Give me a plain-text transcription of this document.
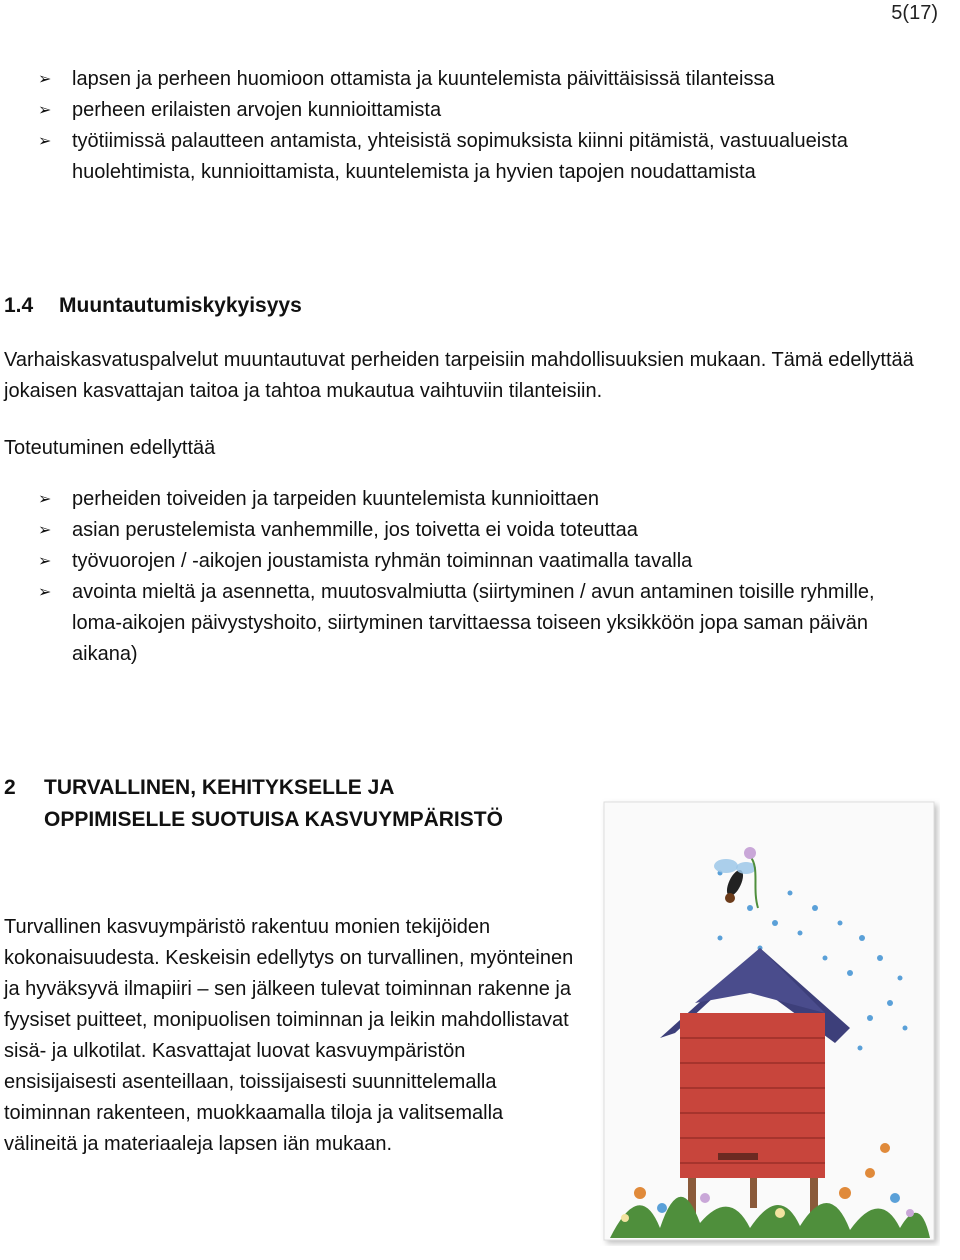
5(17)
➢ lapsen ja perheen huomioon ottamista ja kuuntelemista päivittäisissä tilanteissa
➢ perheen erilaisten arvojen kunnioittamista
➢ työtiimissä palautteen antamista, yhteisistä sopimuksista kiinni pitämistä, vastuualueista huolehtimista, kunnioittamista, kuuntelemista ja hyvien tapojen noudattamista
1.4 Muuntautumiskykyisyys

Varhaiskasvatuspalvelut muuntautuvat perheiden tarpeisiin mahdollisuuksien mukaan. Tämä edellyttää jokaisen kasvattajan taitoa ja tahtoa mukautua vaihtuviin tilanteisiin.

Toteutuminen edellyttää

➢ perheiden toiveiden ja tarpeiden kuuntelemista kunnioittaen
➢ asian perustelemista vanhemmille, jos toivetta ei voida toteuttaa
➢ työvuorojen / -aikojen joustamista ryhmän toiminnan vaatimalla tavalla
➢ avointa mieltä ja asennetta, muutosvalmiutta (siirtyminen / avun antaminen toisille ryhmille, loma-aikojen päivystyshoito, siirtyminen tarvittaessa toiseen yksikköön jopa saman päivän aikana)
2 TURVALLINEN, KEHITYKSELLE JA
OPPIMISELLE SUOTUISA KASVUYMPÄRISTÖ

Turvallinen kasvuympäristö rakentuu monien tekijöiden kokonaisuudesta. Keskeisin edellytys on turvallinen, myönteinen ja hyväksyvä ilmapiiri – sen jälkeen tulevat toiminnan rakenne ja fyysiset puitteet, monipuolisen toiminnan ja leikin mahdollistavat sisä- ja ulkotilat. Kasvattajat luovat kasvuympäristön ensisijaisesti asenteillaan, toissijaisesti suunnittelemalla toiminnan rakenteen, muokkaamalla tiloja ja valitsemalla välineitä ja materiaaleja lapsen iän mukaan.
